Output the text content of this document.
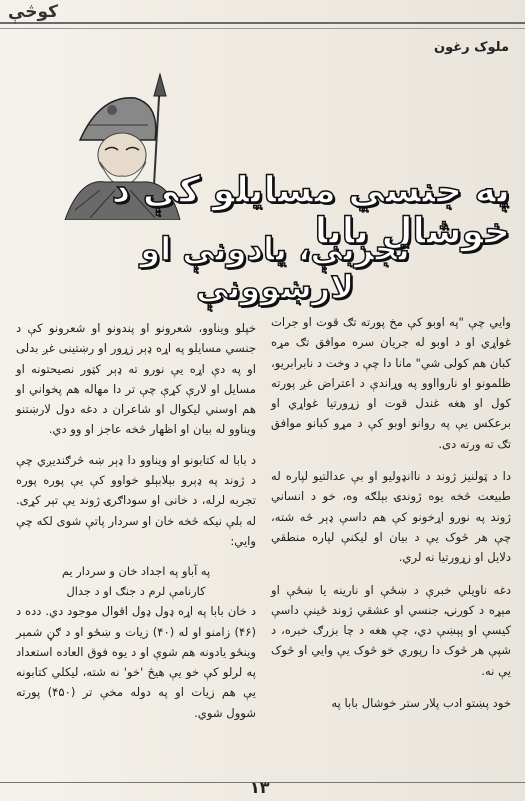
کوڅې
ملوک رغون
په جنسي مسايلو کې د خوشال بابا
تجربې، يادونې او لارښوونې

وايي چې "په اوبو کې مخ پورته تګ قوت او جرات غواړي او د اوبو له جريان سره موافق تګ مړه کبان هم کولی شي" مانا دا چې د وخت د نابرابريو، ظلمونو او ناروااوو په وړاندې د اعتراض غږ پورته کول او هغه غندل قوت او زړورتيا غواړي او برعکس يې په روانو اوبو کې د مړو کبانو موافق تګ ته ورته دی.

دا د ټولنيز ژوند د ناانډوليو او بې عدالتيو لپاره له طبيعت څخه يوه ژوندۍ بېلګه وه، خو د انساني ژوند په نورو اړخونو کې هم داسې ډېر څه شته، چې هر څوک يې د بيان او ليکنې لپاره منطقي دلايل او زړورتيا نه لري.

دغه ناويلي خبرې د ښځې او نارينه يا ښځې او مېړه د کورنۍ، جنسي او عشقي ژوند ځينې داسې کيسې او پېښې دي، چې هغه د چا بزرګ خبره، د شپې هر څوک دا رپوري خو څوک يې وايي او څوک يې نه.

خود پښتو ادب پلار ستر خوشال بابا په

خپلو ويناوو، شعرونو او پندونو او شعرونو کې د جنسي مسايلو په اړه ډېر زړور او رښتينی غږ بدلی او په دې اړه يې نورو ته ډېر کټور نصيحتونه او مسايل او لارې کړې چې تر دا مهاله هم پخواني او هم اوسني ليکوال او شاعران د دغه دول لارښتنو ويناوو له بيان او اظهار څخه عاجز او وو دي.

د بابا له کتابونو او ويناوو دا ډېر ښه څرګنديږي چې د ژوند په ډېرو بېلابېلو خواوو کې يې پوره پوره تجربه لرله، د خانی او سوداګرۍ ژوند يې تېر کړی. له بلې نيکه څخه خان او سردار پاتې شوی لکه چې وايي:

په آباو په اجداد خان و سردار يم
کارنامې لرم د جنګ او د جدال

د خان بابا په اړه ډول ډول اقوال موجود دي. دده د (۴۶) زامنو او له (۴۰) زيات و ښځو او د ګڼ شمېر وينځو يادونه هم شوې او د يوه فوق العاده استعداد په لرلو کې خو يې هيڅ 'خو' نه شته، ليکلي کتابونه يې هم زيات او په دوله مخې تر (۴۵۰) پورته شوول شوي.

۱۳
